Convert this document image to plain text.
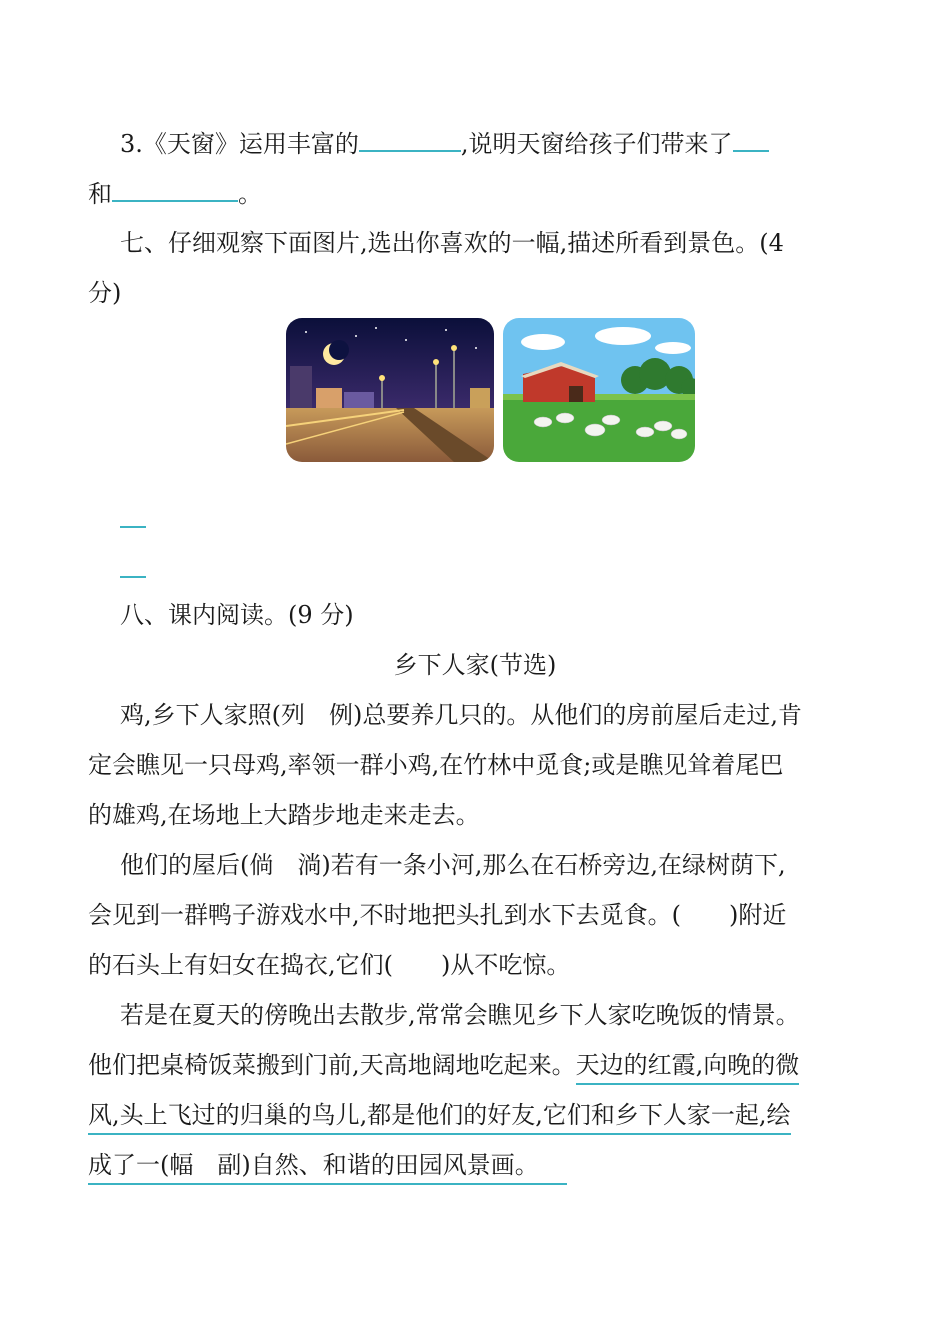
3.《天窗》运用丰富的	,说明天窗给孩子们带来了
和	。
七、仔细观察下面图片,选出你喜欢的一幅,描述所看到景色。(4
分)
八、课内阅读。(9 分)
乡下人家(节选)
鸡,乡下人家照(列　例)总要养几只的。从他们的房前屋后走过,肯
定会瞧见一只母鸡,率领一群小鸡,在竹林中觅食;或是瞧见耸着尾巴
的雄鸡,在场地上大踏步地走来走去。
他们的屋后(倘　淌)若有一条小河,那么在石桥旁边,在绿树荫下,
会见到一群鸭子游戏水中,不时地把头扎到水下去觅食。(　　)附近
的石头上有妇女在捣衣,它们(　　)从不吃惊。
若是在夏天的傍晚出去散步,常常会瞧见乡下人家吃晚饭的情景。
他们把桌椅饭菜搬到门前,天高地阔地吃起来。天边的红霞,向晚的微
风,头上飞过的归巢的鸟儿,都是他们的好友,它们和乡下人家一起,绘
成了一(幅　副)自然、和谐的田园风景画。
